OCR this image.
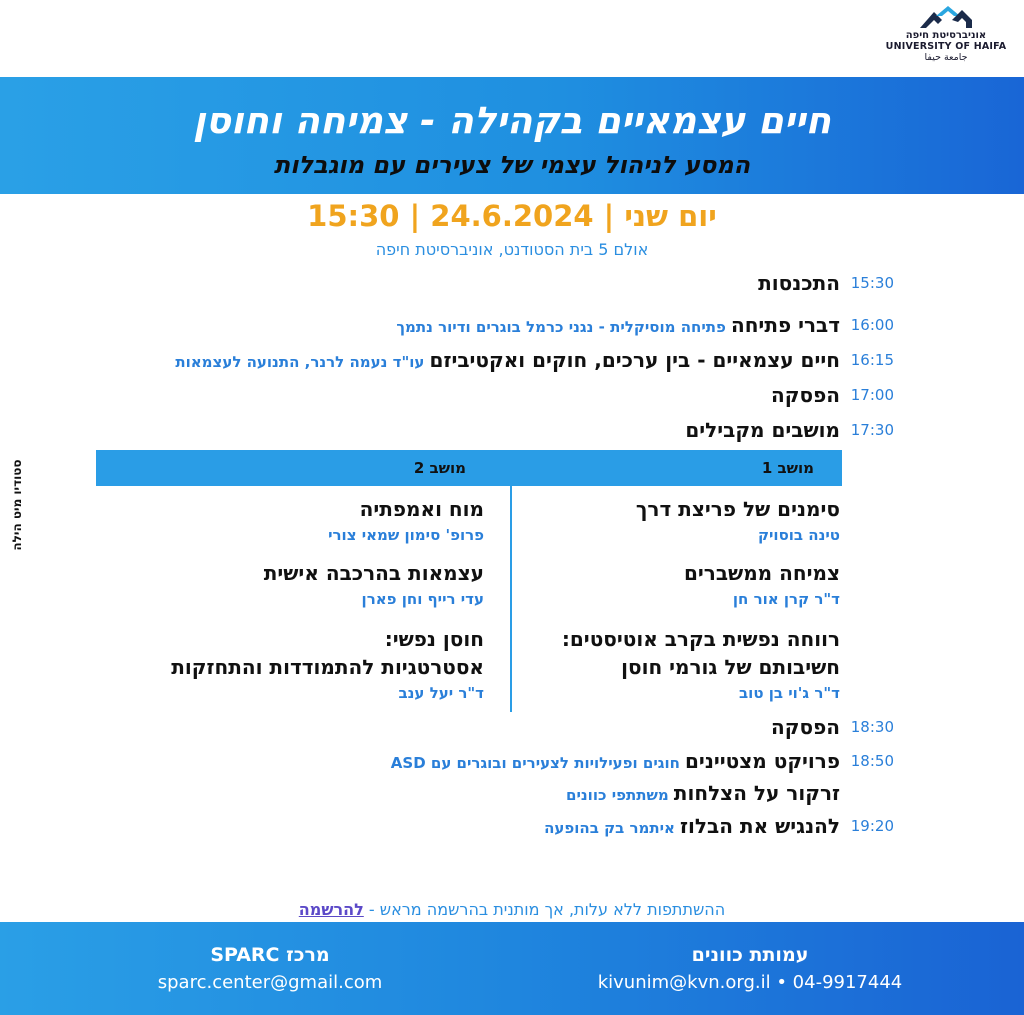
אוניברסיטת חיפה
UNIVERSITY OF HAIFA
جامعة حيفا
חיים עצמאיים בקהילה - צמיחה וחוסן
המסע לניהול עצמי של צעירים עם מוגבלות
יום שני | 24.6.2024 | 15:30
אולם 5 בית הסטודנט, אוניברסיטת חיפה
15:30
התכנסות
16:00
דברי פתיחה פתיחה מוסיקלית - נגני כרמל בוגרים ודיור נתמך
16:15
חיים עצמאיים - בין ערכים, חוקים ואקטיביזם עו"ד נעמה לרנר, התנועה לעצמאות
17:00
הפסקה
17:30
מושבים מקבילים
מושב 1
מושב 2
סימנים של פריצת דרך
טינה בוסויק
צמיחה ממשברים
ד"ר קרן אור חן
רווחה נפשית בקרב אוטיסטים:
חשיבותם של גורמי חוסן
ד"ר ג'וי בן טוב
מוח ואמפתיה
פרופ' סימון שמאי צורי
עצמאות בהרכבה אישית
עדי רייף וחן פארן
חוסן נפשי:
אסטרטגיות להתמודדות והתחזקות
ד"ר יעל ענב
18:30
הפסקה
18:50
פרויקט מצטיינים חוגים ופעילויות לצעירים ובוגרים עם ASD
זרקור על הצלחות משתתפי כוונים
19:20
להנגיש את הבלוז איתמר בק בהופעה
סטודיו מיט הילה
ההשתתפות ללא עלות, אך מותנית בהרשמה מראש - להרשמה
עמותת כוונים
kivunim@kvn.org.il • 04-9917444
מרכז SPARC
sparc.center@gmail.com
